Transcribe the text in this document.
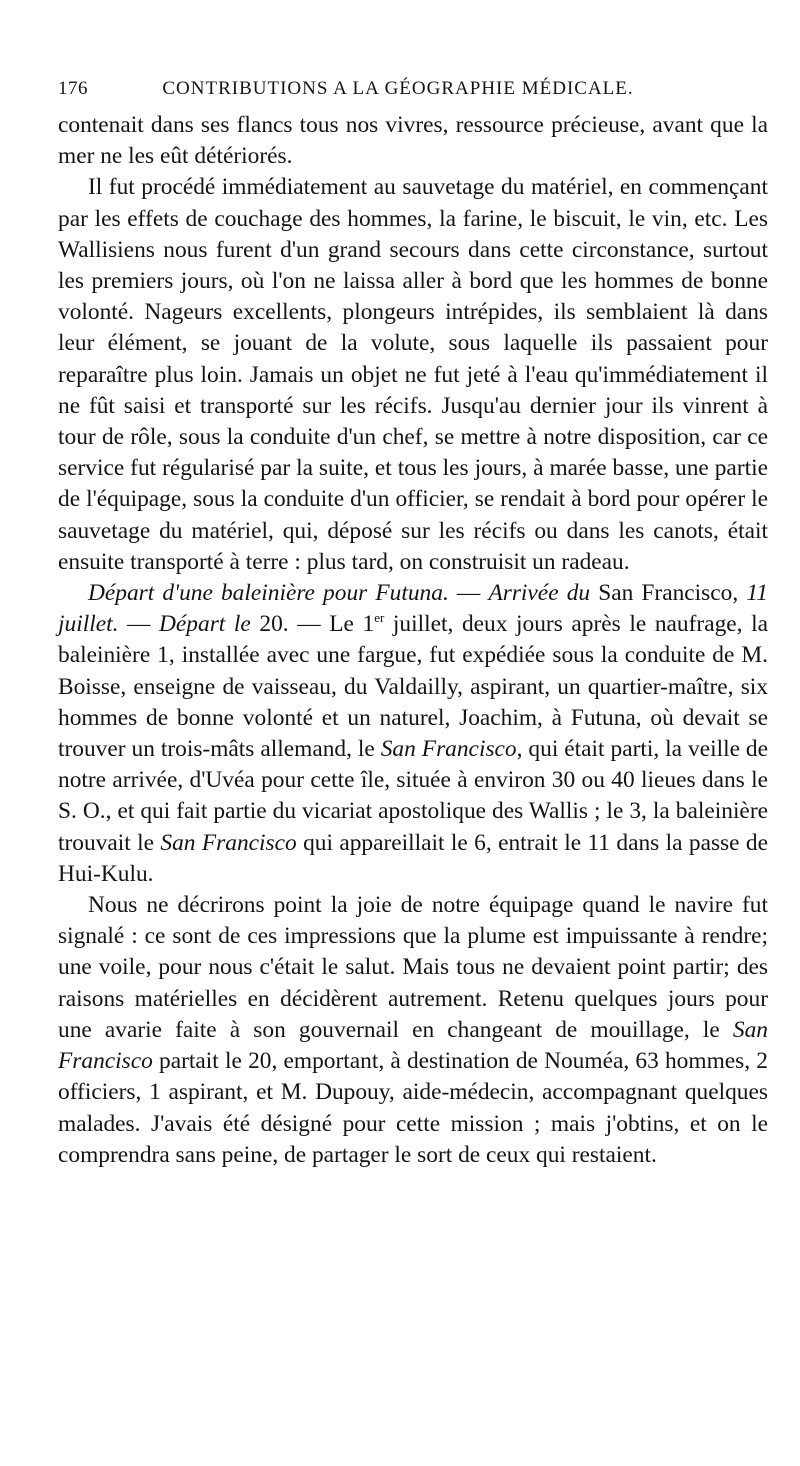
176	CONTRIBUTIONS A LA GÉOGRAPHIE MÉDICALE.

contenait dans ses flancs tous nos vivres, ressource précieuse, avant que la mer ne les eût détériorés.

Il fut procédé immédiatement au sauvetage du matériel, en commençant par les effets de couchage des hommes, la farine, le biscuit, le vin, etc. Les Wallisiens nous furent d'un grand secours dans cette circonstance, surtout les premiers jours, où l'on ne laissa aller à bord que les hommes de bonne volonté. Nageurs excellents, plongeurs intrépides, ils semblaient là dans leur élément, se jouant de la volute, sous laquelle ils passaient pour reparaître plus loin. Jamais un objet ne fut jeté à l'eau qu'immédiatement il ne fût saisi et transporté sur les récifs. Jusqu'au dernier jour ils vinrent à tour de rôle, sous la conduite d'un chef, se mettre à notre disposition, car ce service fut régularisé par la suite, et tous les jours, à marée basse, une partie de l'équipage, sous la conduite d'un officier, se rendait à bord pour opérer le sauvetage du matériel, qui, déposé sur les récifs ou dans les canots, était ensuite transporté à terre : plus tard, on construisit un radeau.

Départ d'une baleinière pour Futuna. — Arrivée du San Francisco, 11 juillet. — Départ le 20. — Le 1er juillet, deux jours après le naufrage, la baleinière 1, installée avec une fargue, fut expédiée sous la conduite de M. Boisse, enseigne de vaisseau, du Valdailly, aspirant, un quartier-maître, six hommes de bonne volonté et un naturel, Joachim, à Futuna, où devait se trouver un trois-mâts allemand, le San Francisco, qui était parti, la veille de notre arrivée, d'Uvéa pour cette île, située à environ 30 ou 40 lieues dans le S. O., et qui fait partie du vicariat apostolique des Wallis ; le 3, la baleinière trouvait le San Francisco qui appareillait le 6, entrait le 11 dans la passe de Hui-Kulu.

Nous ne décrirons point la joie de notre équipage quand le navire fut signalé : ce sont de ces impressions que la plume est impuissante à rendre; une voile, pour nous c'était le salut. Mais tous ne devaient point partir; des raisons matérielles en décidèrent autrement. Retenu quelques jours pour une avarie faite à son gouvernail en changeant de mouillage, le San Francisco partait le 20, emportant, à destination de Nouméa, 63 hommes, 2 officiers, 1 aspirant, et M. Dupouy, aide-médecin, accompagnant quelques malades. J'avais été désigné pour cette mission ; mais j'obtins, et on le comprendra sans peine, de partager le sort de ceux qui restaient.
